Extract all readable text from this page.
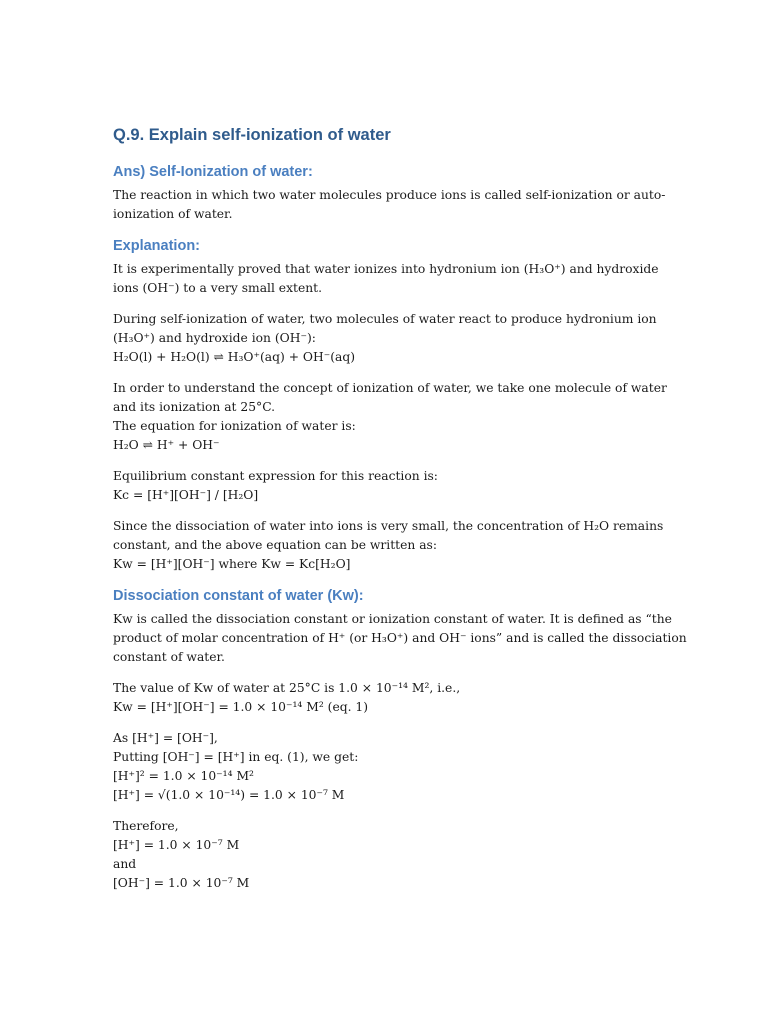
Q.9. Explain self-ionization of water
Ans) Self-Ionization of water:
The reaction in which two water molecules produce ions is called self-ionization or auto-
ionization of water.
Explanation:
It is experimentally proved that water ionizes into hydronium ion (H₃O⁺) and hydroxide
ions (OH⁻) to a very small extent.
During self-ionization of water, two molecules of water react to produce hydronium ion
(H₃O⁺) and hydroxide ion (OH⁻):
H₂O(l) + H₂O(l) ⇌ H₃O⁺(aq) + OH⁻(aq)
In order to understand the concept of ionization of water, we take one molecule of water
and its ionization at 25°C.
The equation for ionization of water is:
H₂O ⇌ H⁺ + OH⁻
Equilibrium constant expression for this reaction is:
Kc = [H⁺][OH⁻] / [H₂O]
Since the dissociation of water into ions is very small, the concentration of H₂O remains
constant, and the above equation can be written as:
Kw = [H⁺][OH⁻] where Kw = Kc[H₂O]
Dissociation constant of water (Kw):
Kw is called the dissociation constant or ionization constant of water. It is defined as “the
product of molar concentration of H⁺ (or H₃O⁺) and OH⁻ ions” and is called the dissociation
constant of water.
The value of Kw of water at 25°C is 1.0 × 10⁻¹⁴ M², i.e.,
Kw = [H⁺][OH⁻] = 1.0 × 10⁻¹⁴ M² (eq. 1)
As [H⁺] = [OH⁻],
Putting [OH⁻] = [H⁺] in eq. (1), we get:
[H⁺]² = 1.0 × 10⁻¹⁴ M²
[H⁺] = √(1.0 × 10⁻¹⁴) = 1.0 × 10⁻⁷ M
Therefore,
[H⁺] = 1.0 × 10⁻⁷ M
and
[OH⁻] = 1.0 × 10⁻⁷ M
